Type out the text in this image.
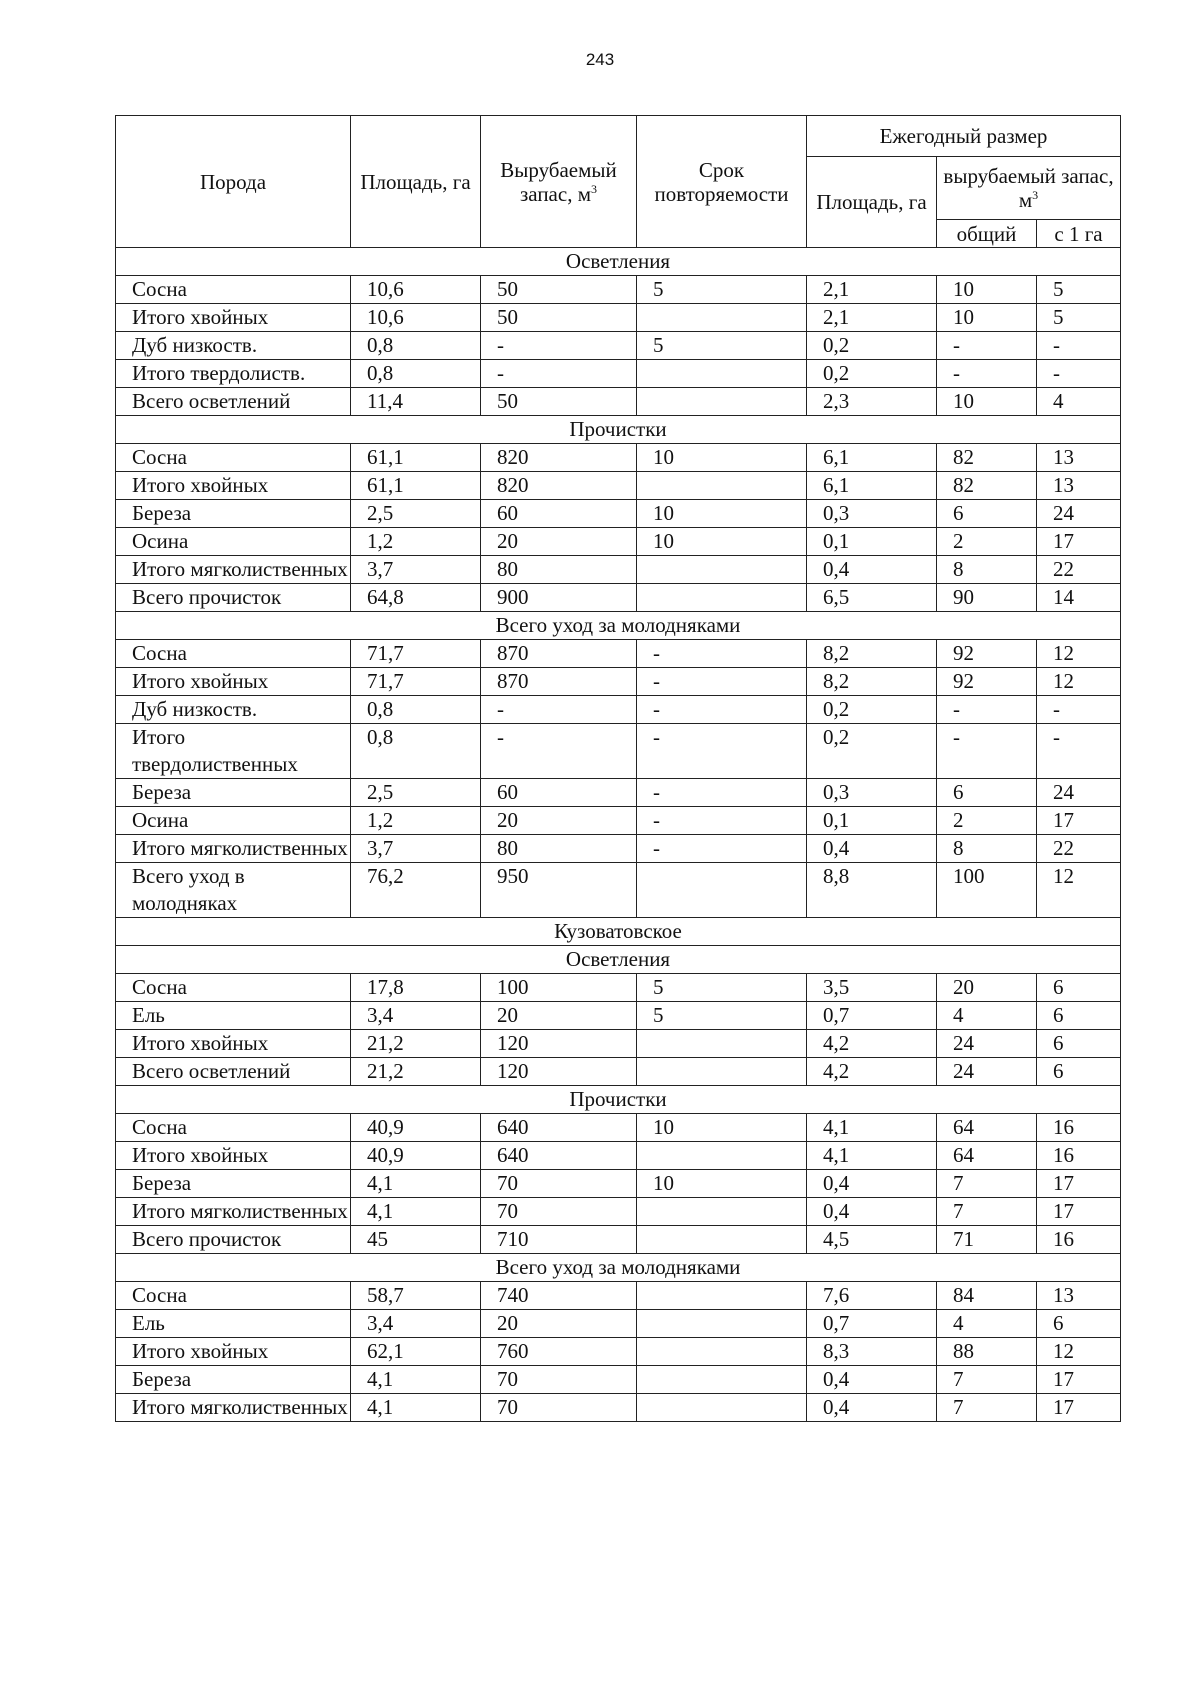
243
Порода	Площадь, га	Вырубаемый запас, $м^3$	Срок повторяемости	Ежегодный размер		
				Площадь, га	вырубаемый запас, $м^3$
					общий	с 1 га
Осветления						
Сосна	10,6	50	5	2,1	10	5
Итого хвойных	10,6	50		2,1	10	5
Дуб низкоств.	0,8	-	5	0,2	-	-
Итого твердолиств.	0,8	-		0,2	-	-
Всего осветлений	11,4	50		2,3	10	4
Прочистки						
Сосна	61,1	820	10	6,1	82	13
Итого хвойных	61,1	820		6,1	82	13
Береза	2,5	60	10	0,3	6	24
Осина	1,2	20	10	0,1	2	17
Итого мягколиственных	3,7	80		0,4	8	22
Всего прочисток	64,8	900		6,5	90	14
Всего уход за молодняками						
Сосна	71,7	870	-	8,2	92	12
Итого хвойных	71,7	870	-	8,2	92	12
Дуб низкоств.	0,8	-	-	0,2	-	-
Итого твердолиственных	0,8	-	-	0,2	-	-
Береза	2,5	60	-	0,3	6	24
Осина	1,2	20	-	0,1	2	17
Итого мягколиственных	3,7	80	-	0,4	8	22
Всего уход в молодняках	76,2	950		8,8	100	12
Кузоватовское						
Осветления						
Сосна	17,8	100	5	3,5	20	6
Ель	3,4	20	5	0,7	4	6
Итого хвойных	21,2	120		4,2	24	6
Всего осветлений	21,2	120		4,2	24	6
Прочистки						
Сосна	40,9	640	10	4,1	64	16
Итого хвойных	40,9	640		4,1	64	16
Береза	4,1	70	10	0,4	7	17
Итого мягколиственных	4,1	70		0,4	7	17
Всего прочисток	45	710		4,5	71	16
Всего уход за молодняками						
Сосна	58,7	740		7,6	84	13
Ель	3,4	20		0,7	4	6
Итого хвойных	62,1	760		8,3	88	12
Береза	4,1	70		0,4	7	17
Итого мягколиственных	4,1	70		0,4	7	17
